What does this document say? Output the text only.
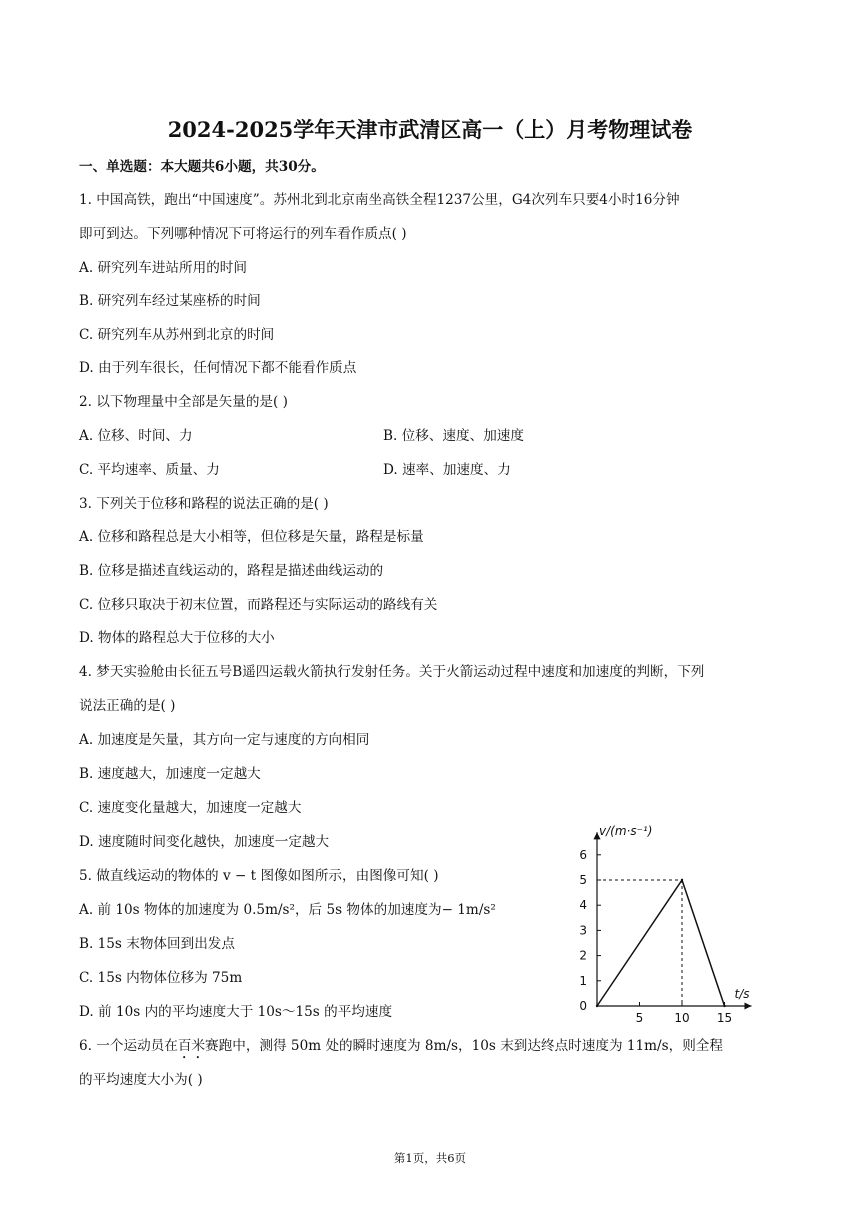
2024-2025学年天津市武清区高一（上）月考物理试卷
一、单选题：本大题共6小题，共30分。
1. 中国高铁，跑出“中国速度”。苏州北到北京南坐高铁全程1237公里，G4次列车只要4小时16分钟
即可到达。下列哪种情况下可将运行的列车看作质点( )
A. 研究列车进站所用的时间
B. 研究列车经过某座桥的时间
C. 研究列车从苏州到北京的时间
D. 由于列车很长，任何情况下都不能看作质点
2. 以下物理量中全部是矢量的是( )
A. 位移、时间、力	B. 位移、速度、加速度
C. 平均速率、质量、力	D. 速率、加速度、力
3. 下列关于位移和路程的说法正确的是( )
A. 位移和路程总是大小相等，但位移是矢量，路程是标量
B. 位移是描述直线运动的，路程是描述曲线运动的
C. 位移只取决于初末位置，而路程还与实际运动的路线有关
D. 物体的路程总大于位移的大小
4. 梦天实验舱由长征五号B遥四运载火箭执行发射任务。关于火箭运动过程中速度和加速度的判断，下列
说法正确的是( )
A. 加速度是矢量，其方向一定与速度的方向相同
B. 速度越大，加速度一定越大
C. 速度变化量越大，加速度一定越大
D. 速度随时间变化越快，加速度一定越大
5. 做直线运动的物体的 v − t 图像如图所示，由图像可知( )
A. 前 10s 物体的加速度为 0.5m/s²，后 5s 物体的加速度为− 1m/s²
B. 15s 末物体回到出发点
C. 15s 内物体位移为 75m
D. 前 10s 内的平均速度大于 10s～15s 的平均速度
6. 一个运动员在百米赛跑中，测得 50m 处的瞬时速度为 8m/s，10s 末到达终点时速度为 11m/s，则全程
的平均速度大小为( )
0
1
2
3
4
5
6
5	10 15
v/(m·s⁻¹)
t/s
第1页，共6页
